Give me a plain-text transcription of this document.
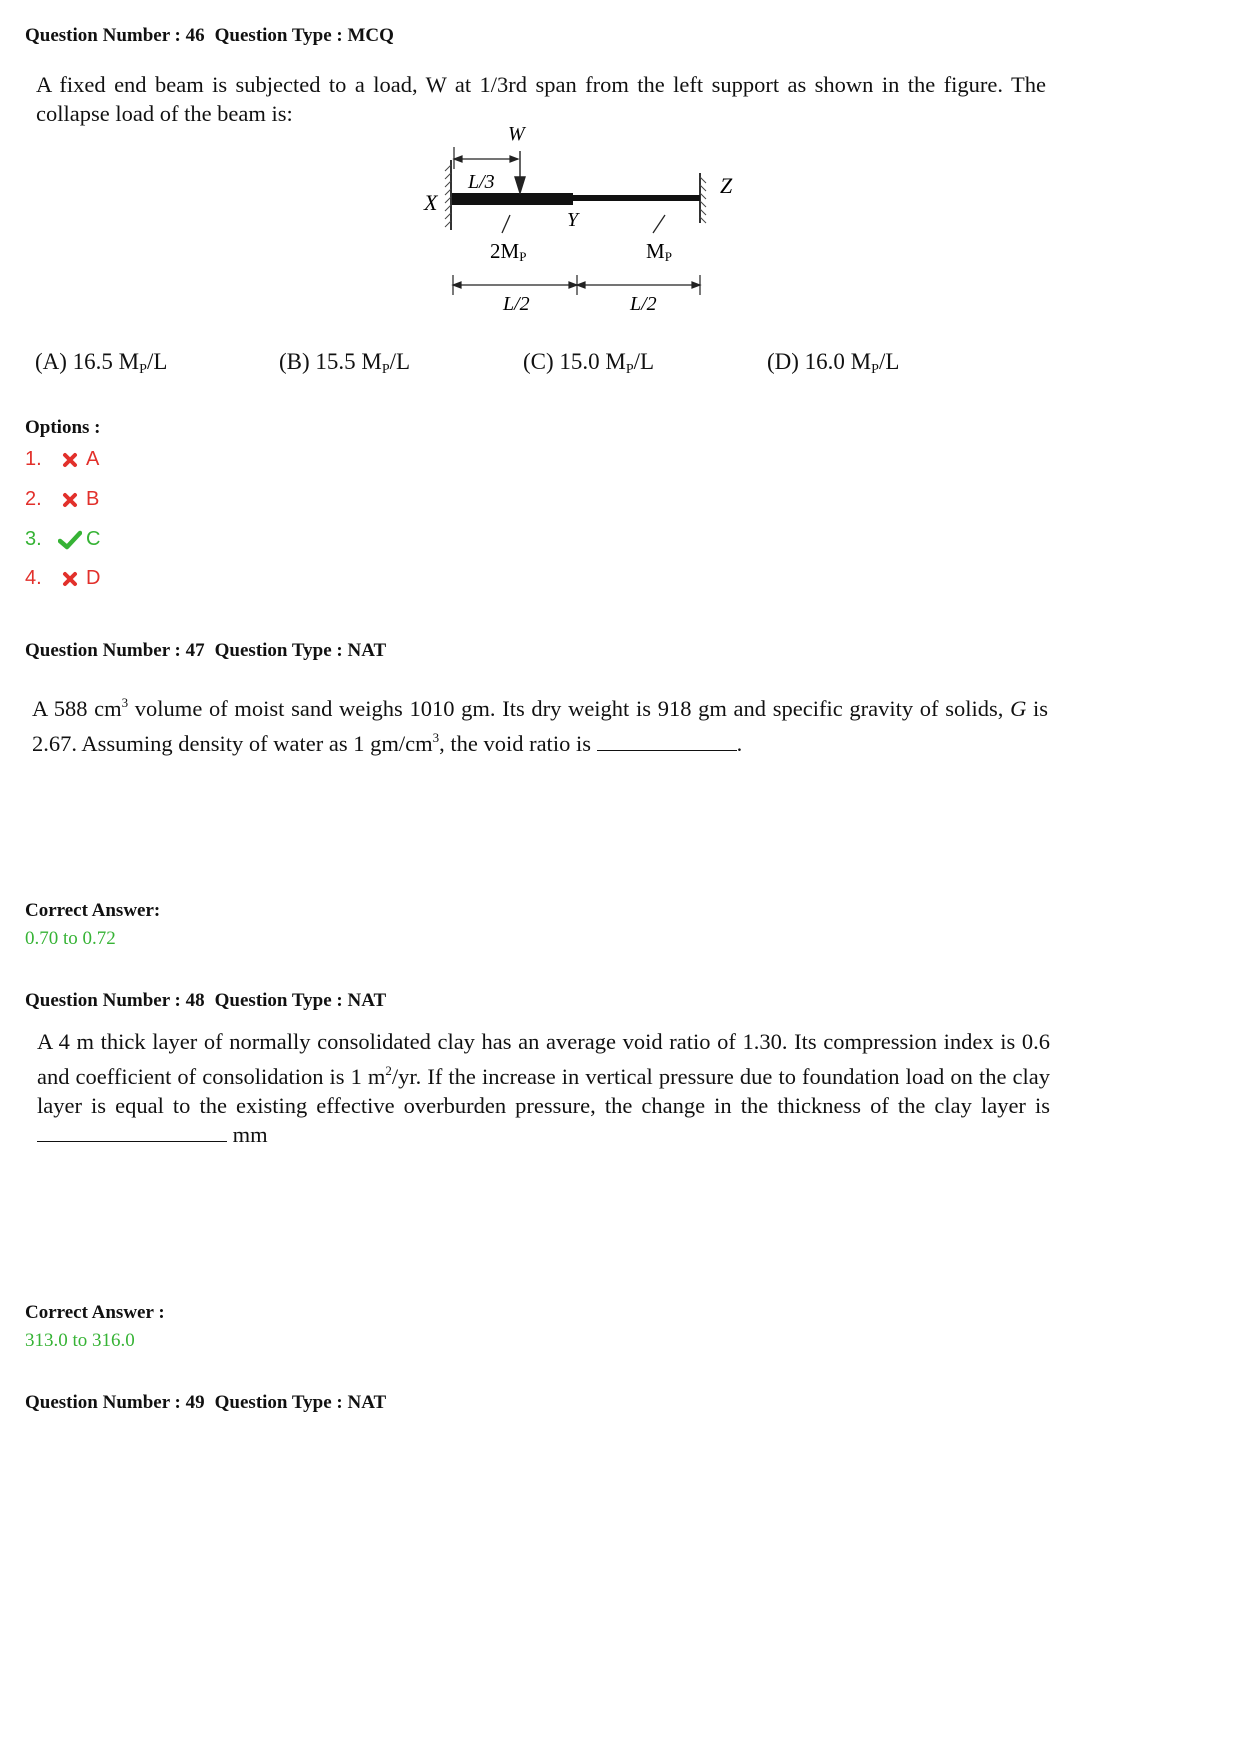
Question Number : 46 Question Type : MCQ
A fixed end beam is subjected to a load, W at 1/3rd span from the left support as shown in the figure. The collapse load of the beam is:
L/3
W
X
Y
Z
2MP	MP
L/2	L/2
(A) 16.5 $M_P/L$	(B) 15.5 $M_P/L$	(C) 15.0 $M_P/L$	(D) 16.0 $M_P/L$
Options :
1.	A
2.	B
3.	C
4.	D
Question Number : 47 Question Type : NAT
A 588 $cm^3$ volume of moist sand weighs 1010 gm. Its dry weight is 918 gm and specific gravity of solids, G is 2.67. Assuming density of water as 1 $gm/cm^3$, the void ratio is	.
Correct Answer:
0.70 to 0.72
Question Number : 48 Question Type : NAT
A 4 m thick layer of normally consolidated clay has an average void ratio of 1.30. Its compression index is 0.6 and coefficient of consolidation is 1 $m^2/yr$. If the increase in vertical pressure due to foundation load on the clay layer is equal to the existing effective overburden pressure, the change in the thickness of the clay layer is  mm
Correct Answer :
313.0 to 316.0
Question Number : 49 Question Type : NAT
